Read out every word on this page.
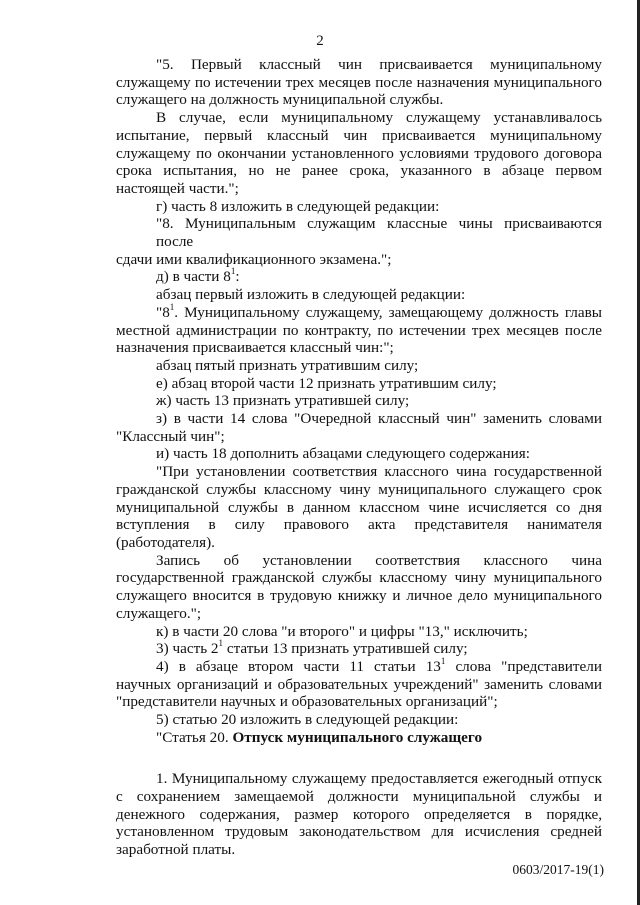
2

"5. Первый классный чин присваивается муниципальному
служащему по истечении трех месяцев после назначения муниципального
служащего на должность муниципальной службы.

В случае, если муниципальному служащему устанавливалось
испытание, первый классный чин присваивается муниципальному
служащему по окончании установленного условиями трудового договора
срока испытания, но не ранее срока, указанного в абзаце первом
настоящей части.";

г) часть 8 изложить в следующей редакции:

"8. Муниципальным служащим классные чины присваиваются после
сдачи ими квалификационного экзамена.";

д) в части $8^1$:

абзац первый изложить в следующей редакции:

"$8^1$. Муниципальному служащему, замещающему должность главы
местной администрации по контракту, по истечении трех месяцев после
назначения присваивается классный чин:";

абзац пятый признать утратившим силу;

е) абзац второй части 12 признать утратившим силу;

ж) часть 13 признать утратившей силу;

з) в части 14 слова "Очередной классный чин" заменить словами
"Классный чин";

и) часть 18 дополнить абзацами следующего содержания:

"При установлении соответствия классного чина государственной
гражданской службы классному чину муниципального служащего срок
муниципальной службы в данном классном чине исчисляется со дня
вступления в силу правового акта представителя нанимателя
(работодателя).

Запись об установлении соответствия классного чина
государственной гражданской службы классному чину муниципального
служащего вносится в трудовую книжку и личное дело муниципального
служащего.";

к) в части 20 слова "и второго" и цифры "13," исключить;

3) часть $2^1$ статьи 13 признать утратившей силу;

4) в абзаце втором части 11 статьи $13^1$ слова "представители
научных организаций и образовательных учреждений" заменить словами
"представители научных и образовательных организаций";

5) статью 20 изложить в следующей редакции:

"Статья 20. Отпуск муниципального служащего

1. Муниципальному служащему предоставляется ежегодный отпуск
с сохранением замещаемой должности муниципальной службы и
денежного содержания, размер которого определяется в порядке,
установленном трудовым законодательством для исчисления средней
заработной платы.

0603/2017-19(1)
